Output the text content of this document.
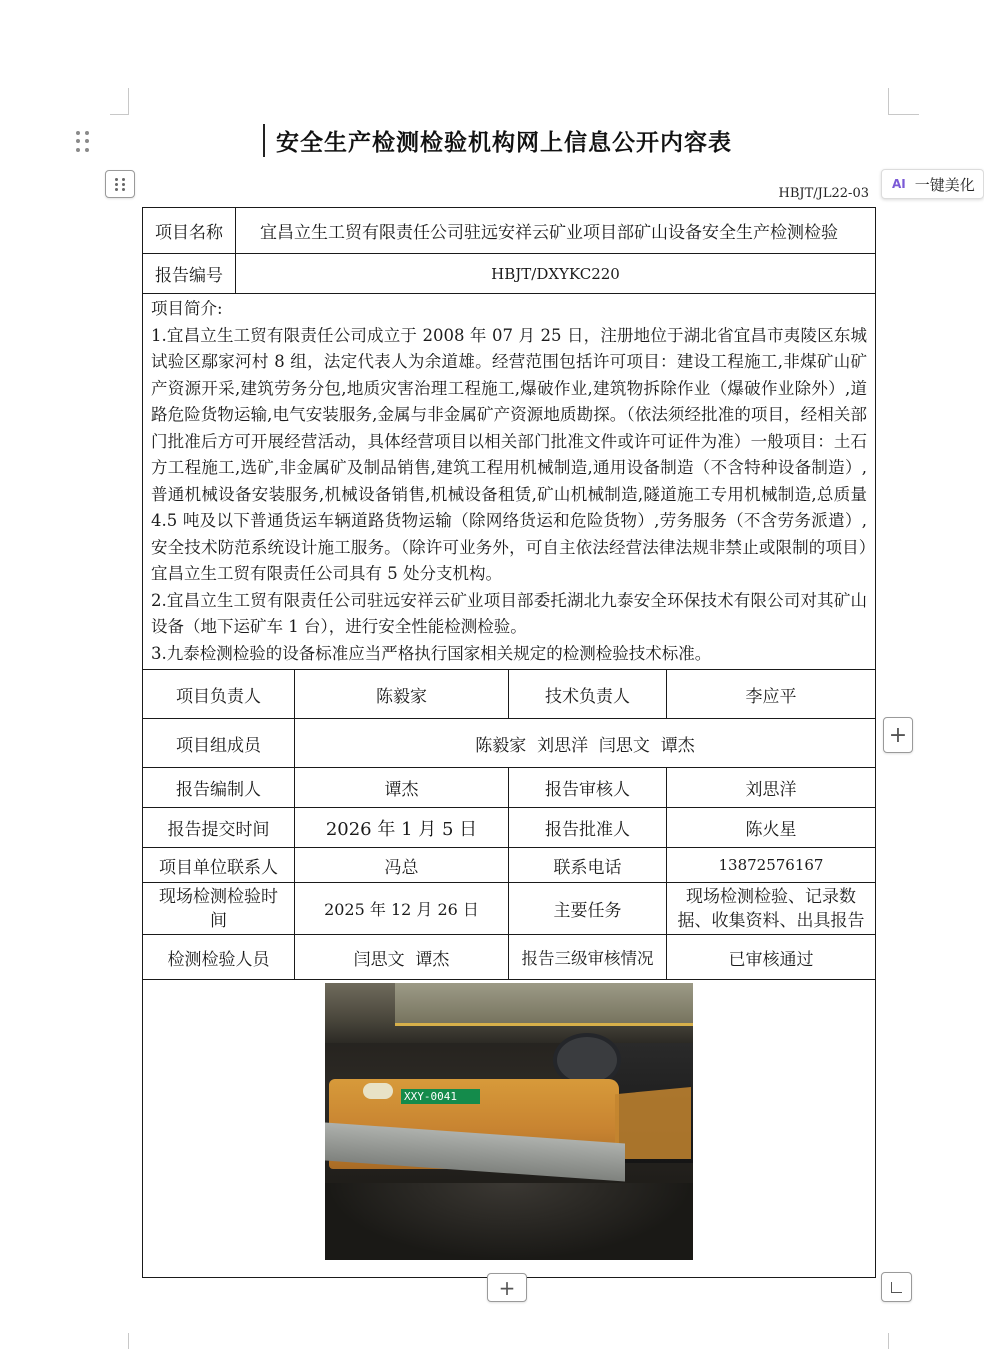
AI 一键美化
安全生产检测检验机构网上信息公开内容表
HBJT/JL22-03
项目名称	宜昌立生工贸有限责任公司驻远安祥云矿业项目部矿山设备安全生产检测检验			
报告编号	HBJT/DXYKC220			

项目简介:

1.宜昌立生工贸有限责任公司成立于 2008 年 07 月 25 日，注册地位于湖北省宜昌市夷陵区东城试验区鄢家河村 8 组，法定代表人为余道雄。经营范围包括许可项目：建设工程施工,非煤矿山矿产资源开采,建筑劳务分包,地质灾害治理工程施工,爆破作业,建筑物拆除作业（爆破作业除外）,道路危险货物运输,电气安装服务,金属与非金属矿产资源地质勘探。（依法须经批准的项目，经相关部门批准后方可开展经营活动，具体经营项目以相关部门批准文件或许可证件为准）一般项目：土石方工程施工,选矿,非金属矿及制品销售,建筑工程用机械制造,通用设备制造（不含特种设备制造）,普通机械设备安装服务,机械设备销售,机械设备租赁,矿山机械制造,隧道施工专用机械制造,总质量 4.5 吨及以下普通货运车辆道路货物运输（除网络货运和危险货物）,劳务服务（不含劳务派遣）,安全技术防范系统设计施工服务。（除许可业务外，可自主依法经营法律法规非禁止或限制的项目）宜昌立生工贸有限责任公司具有 5 处分支机构。

2.宜昌立生工贸有限责任公司驻远安祥云矿业项目部委托湖北九泰安全环保技术有限公司对其矿山设备（地下运矿车 1 台），进行安全性能检测检验。

3.九泰检测检验的设备标准应当严格执行国家相关规定的检测检验技术标准。				

项目负责人		陈毅家	技术负责人	李应平
项目组成员		陈毅家  刘思洋  闫思文  谭杰		
报告编制人		谭杰	报告审核人	刘思洋
报告提交时间		2026 年 1 月 5 日	报告批准人	陈火星
项目单位联系人		冯总	联系电话	13872576167
现场检测检验时间		2025 年 12 月 26 日	主要任务	现场检测检验、记录数据、收集资料、出具报告
检测检验人员		闫思文  谭杰	报告三级审核情况	已审核通过

XXY-0041				
+
+
